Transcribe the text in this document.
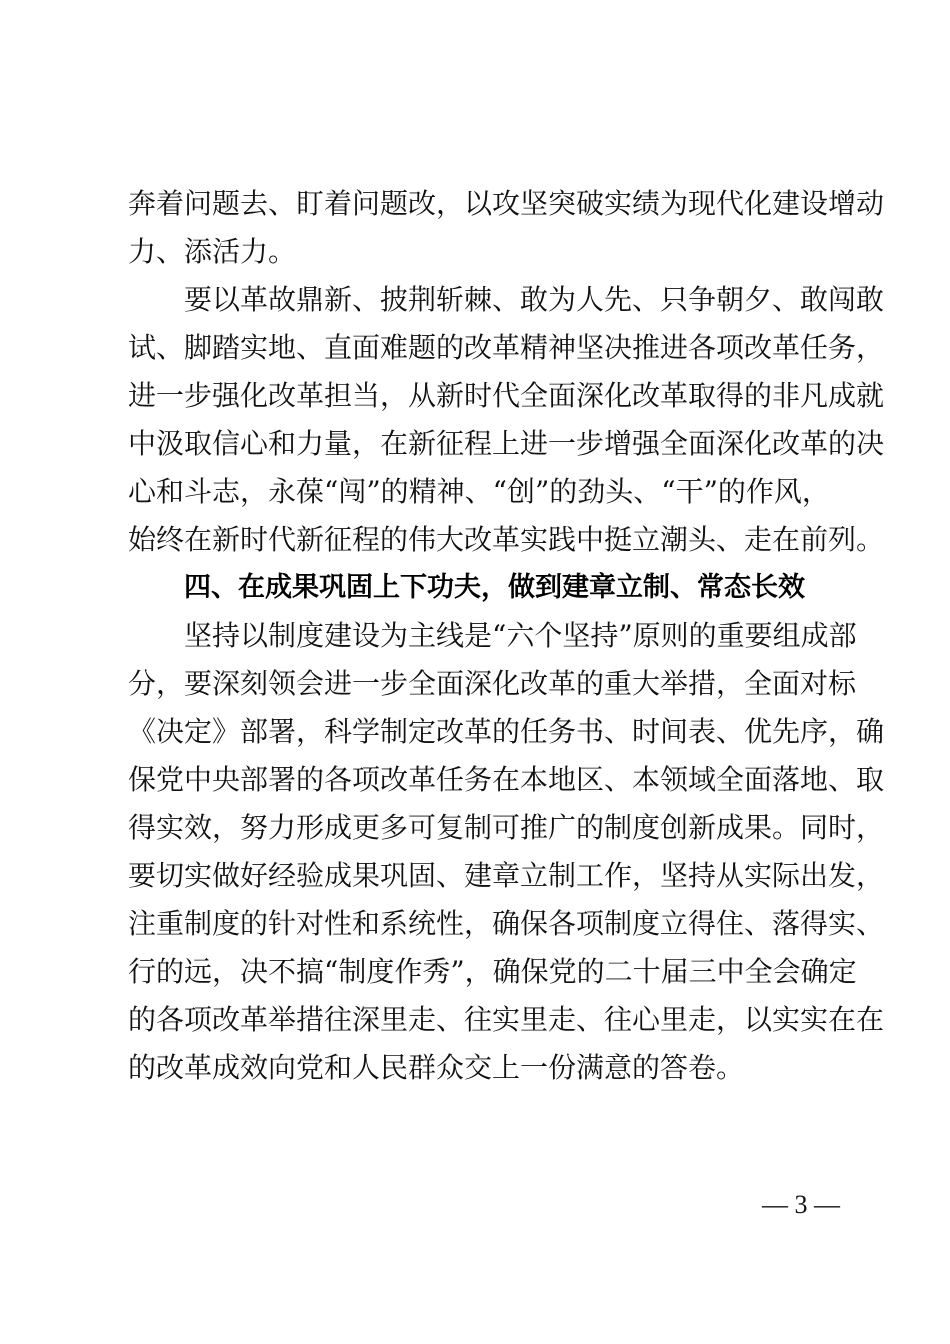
奔着问题去、盯着问题改，以攻坚突破实绩为现代化建设增动
力、添活力。
要以革故鼎新、披荆斩棘、敢为人先、只争朝夕、敢闯敢
试、脚踏实地、直面难题的改革精神坚决推进各项改革任务，
进一步强化改革担当，从新时代全面深化改革取得的非凡成就
中汲取信心和力量，在新征程上进一步增强全面深化改革的决
心和斗志，永葆“闯”的精神、“创”的劲头、“干”的作风，
始终在新时代新征程的伟大改革实践中挺立潮头、走在前列。
四、在成果巩固上下功夫，做到建章立制、常态长效
坚持以制度建设为主线是“六个坚持”原则的重要组成部
分，要深刻领会进一步全面深化改革的重大举措，全面对标
《决定》部署，科学制定改革的任务书、时间表、优先序，确
保党中央部署的各项改革任务在本地区、本领域全面落地、取
得实效，努力形成更多可复制可推广的制度创新成果。同时，
要切实做好经验成果巩固、建章立制工作，坚持从实际出发，
注重制度的针对性和系统性，确保各项制度立得住、落得实、
行的远，决不搞“制度作秀”，确保党的二十届三中全会确定
的各项改革举措往深里走、往实里走、往心里走，以实实在在
的改革成效向党和人民群众交上一份满意的答卷。
— 3 —
